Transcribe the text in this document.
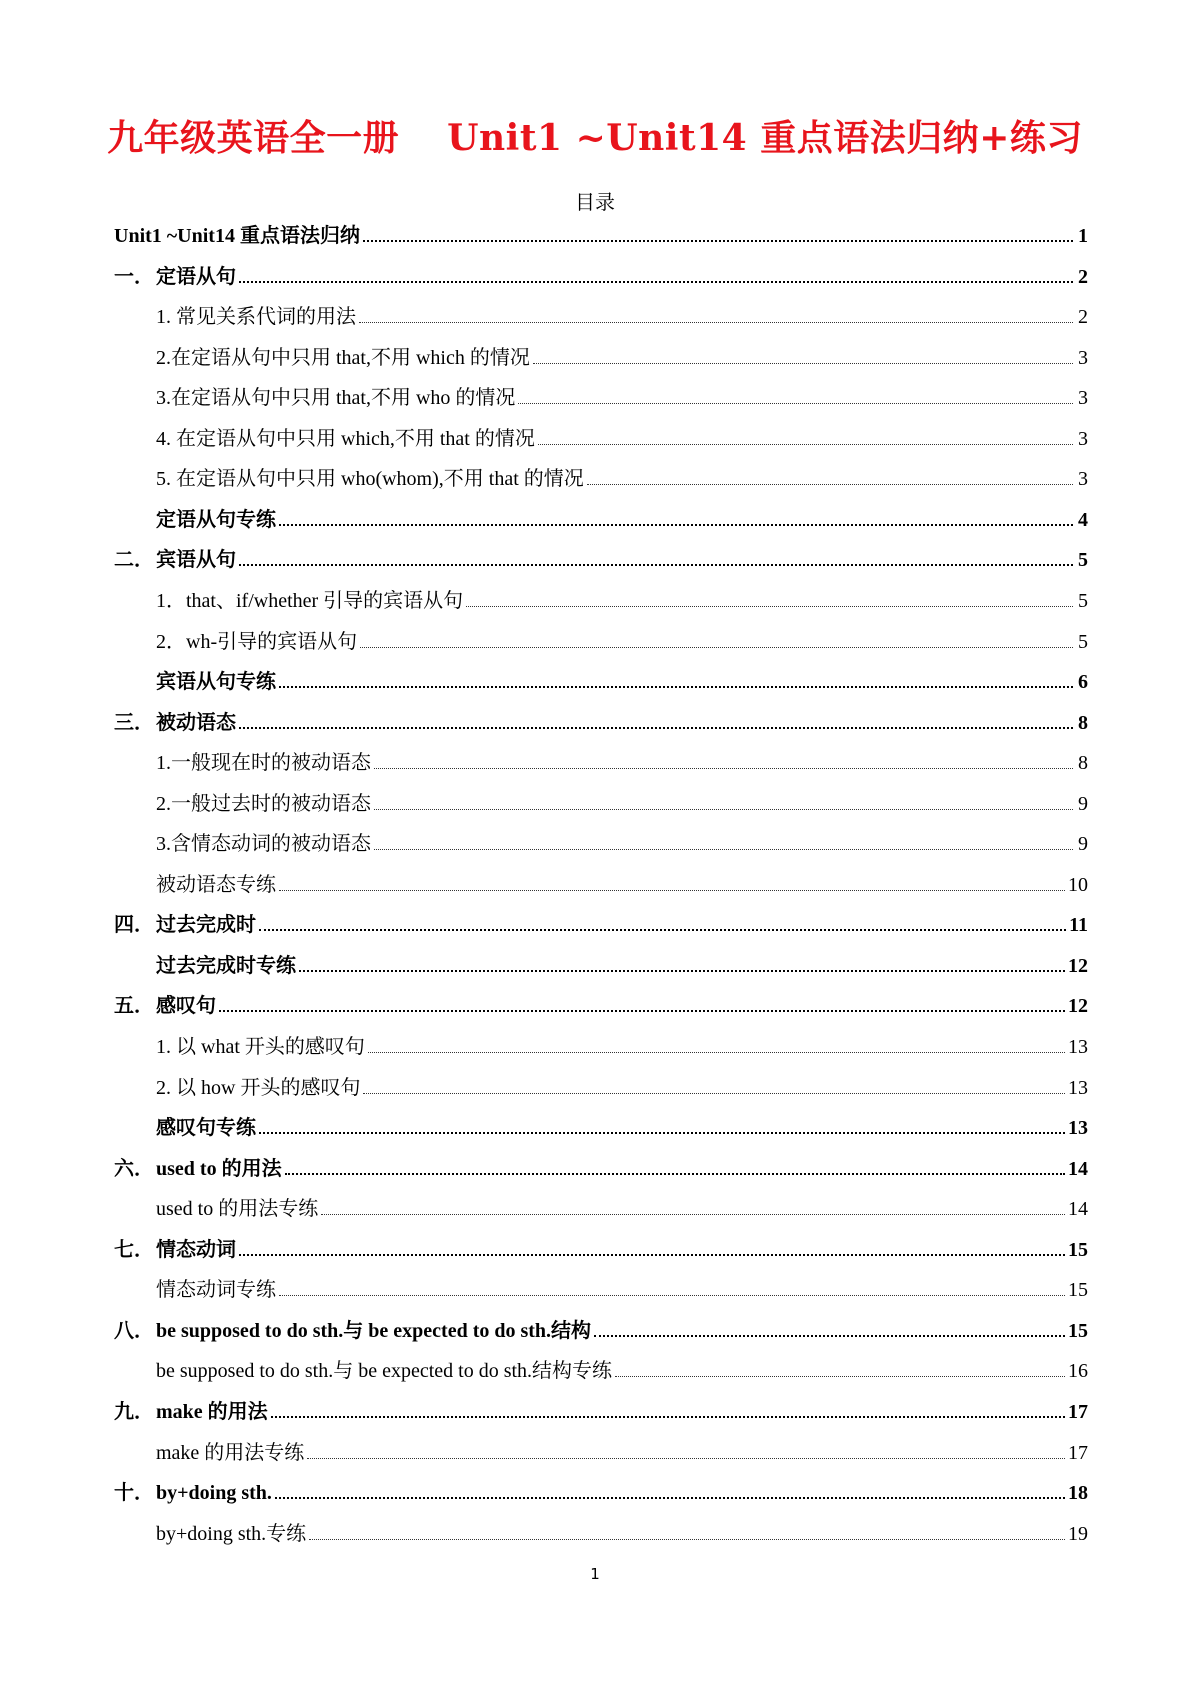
九年级英语全一册 Unit1 ~Unit14 重点语法归纳+练习
目录
Unit1 ~Unit14 重点语法归纳	1
一． 定语从句	2
1. 常见关系代词的用法	2
2.在定语从句中只用 that,不用 which 的情况	3
3.在定语从句中只用 that,不用 who 的情况	3
4. 在定语从句中只用 which,不用 that 的情况	3
5. 在定语从句中只用 who(whom),不用 that 的情况	3
定语从句专练	4
二． 宾语从句	5
1．that、if/whether 引导的宾语从句	5
2．wh-引导的宾语从句	5
宾语从句专练	6
三． 被动语态	8
1.一般现在时的被动语态	8
2.一般过去时的被动语态	9
3.含情态动词的被动语态	9
被动语态专练	10
四． 过去完成时	11
过去完成时专练	12
五． 感叹句	12
1. 以 what 开头的感叹句	13
2. 以 how 开头的感叹句	13
感叹句专练	13
六． used to 的用法	14
used to 的用法专练	14
七． 情态动词	15
情态动词专练	15
八． be supposed to do sth.与 be expected to do sth.结构	15
be supposed to do sth.与 be expected to do sth.结构专练	16
九． make 的用法	17
make 的用法专练	17
十． by+doing sth.	18
by+doing sth.专练	19
1
